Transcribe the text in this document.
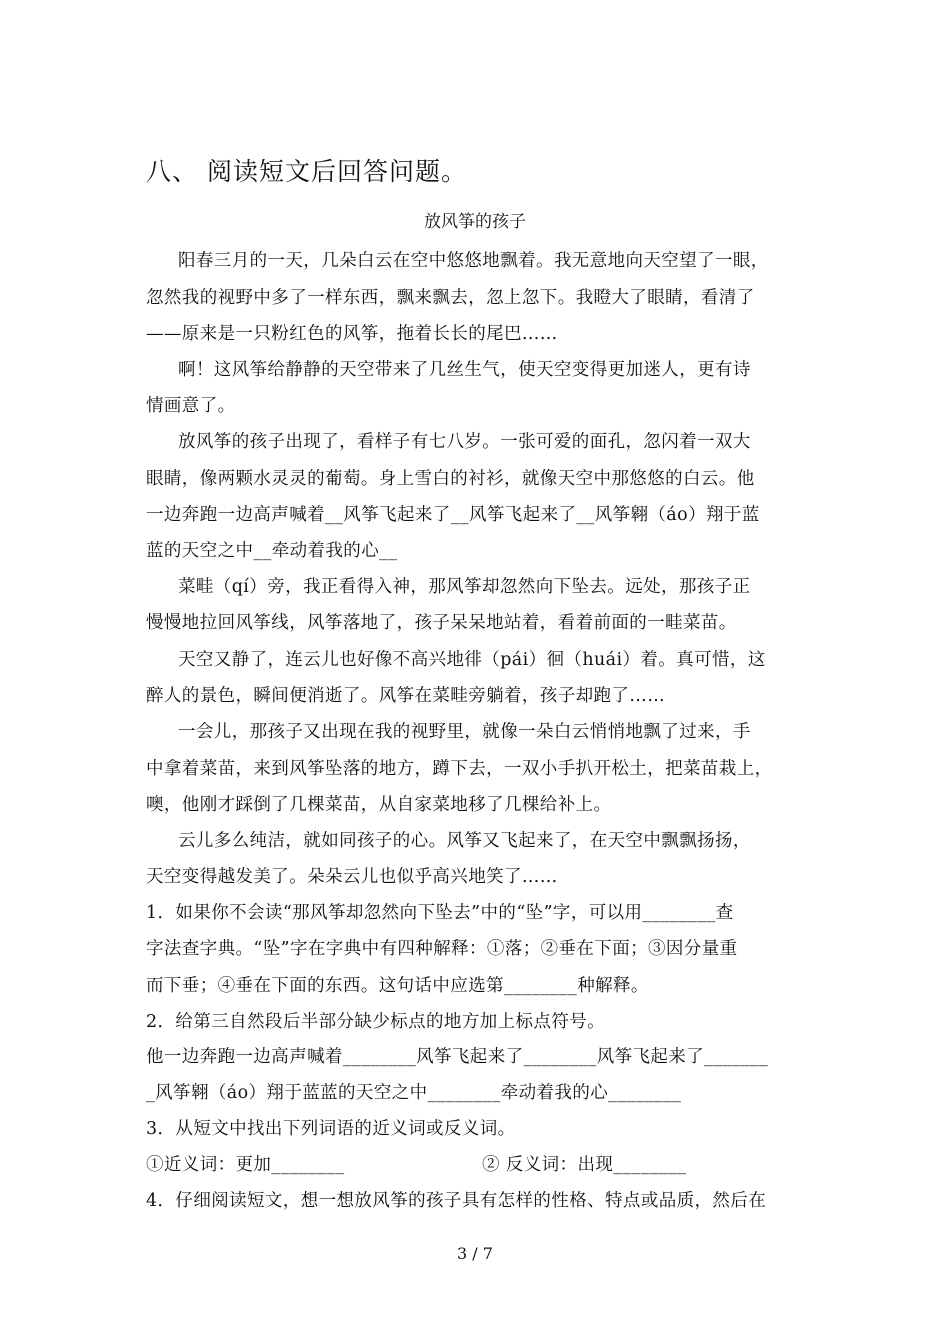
八、 阅读短文后回答问题。
放风筝的孩子
阳春三月的一天，几朵白云在空中悠悠地飘着。我无意地向天空望了一眼，
忽然我的视野中多了一样东西，飘来飘去，忽上忽下。我瞪大了眼睛，看清了
——原来是一只粉红色的风筝，拖着长长的尾巴……
啊！这风筝给静静的天空带来了几丝生气，使天空变得更加迷人，更有诗
情画意了。
放风筝的孩子出现了，看样子有七八岁。一张可爱的面孔，忽闪着一双大
眼睛，像两颗水灵灵的葡萄。身上雪白的衬衫，就像天空中那悠悠的白云。他
一边奔跑一边高声喊着__风筝飞起来了__风筝飞起来了__风筝翱（áo）翔于蓝
蓝的天空之中__牵动着我的心__
菜畦（qí）旁，我正看得入神，那风筝却忽然向下坠去。远处，那孩子正
慢慢地拉回风筝线，风筝落地了，孩子呆呆地站着，看着前面的一畦菜苗。
天空又静了，连云儿也好像不高兴地徘（pái）徊（huái）着。真可惜，这
醉人的景色，瞬间便消逝了。风筝在菜畦旁躺着，孩子却跑了……
一会儿，那孩子又出现在我的视野里，就像一朵白云悄悄地飘了过来，手
中拿着菜苗，来到风筝坠落的地方，蹲下去，一双小手扒开松土，把菜苗栽上，
噢，他刚才踩倒了几棵菜苗，从自家菜地移了几棵给补上。
云儿多么纯洁，就如同孩子的心。风筝又飞起来了，在天空中飘飘扬扬，
天空变得越发美了。朵朵云儿也似乎高兴地笑了……
1．如果你不会读“那风筝却忽然向下坠去”中的“坠”字，可以用________查
字法查字典。“坠”字在字典中有四种解释：①落；②垂在下面；③因分量重
而下垂；④垂在下面的东西。这句话中应选第________种解释。
2．给第三自然段后半部分缺少标点的地方加上标点符号。
他一边奔跑一边高声喊着________风筝飞起来了________风筝飞起来了_______
_风筝翱（áo）翔于蓝蓝的天空之中________牵动着我的心________
3．从短文中找出下列词语的近义词或反义词。
①近义词：更加________	② 反义词：出现________
4．仔细阅读短文，想一想放风筝的孩子具有怎样的性格、特点或品质，然后在
3 / 7
